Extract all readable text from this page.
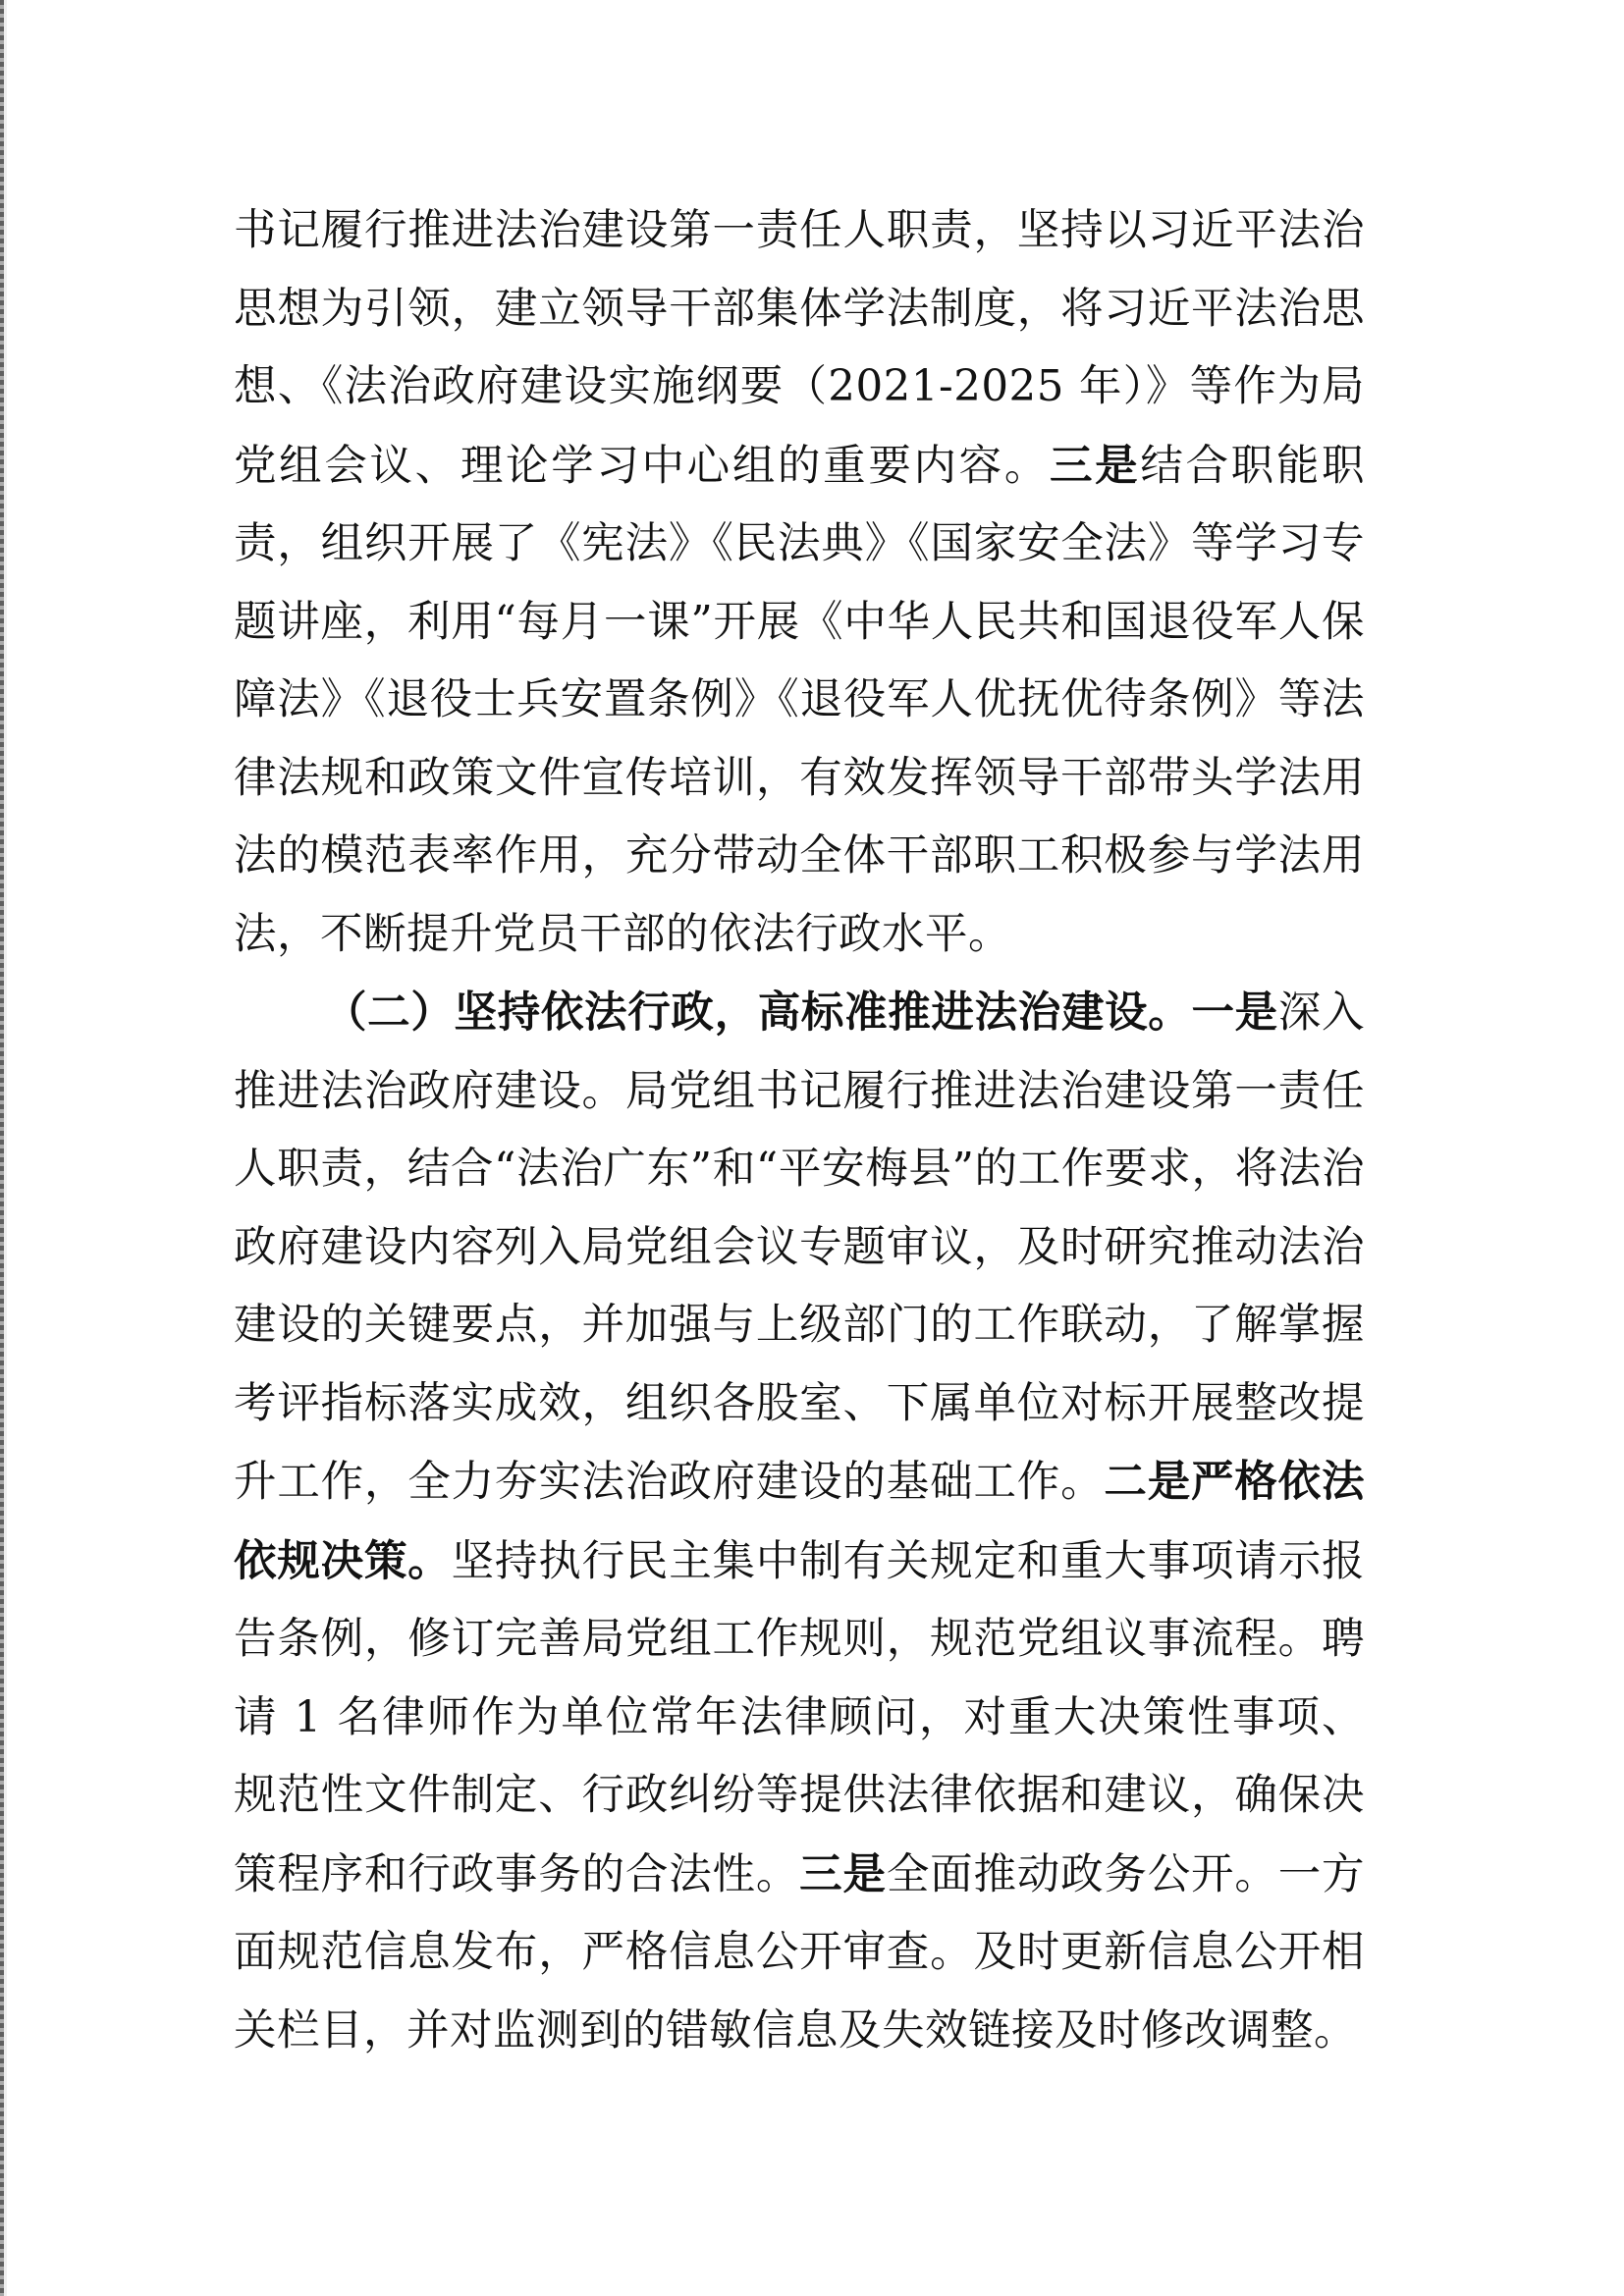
书记履行推进法治建设第一责任人职责，坚持以习近平法治思想为引领，建立领导干部集体学法制度，将习近平法治思想、《法治政府建设实施纲要（2021-2025 年）》等作为局党组会议、理论学习中心组的重要内容。三是结合职能职责，组织开展了《宪法》《民法典》《国家安全法》等学习专题讲座，利用“每月一课”开展《中华人民共和国退役军人保障法》《退役士兵安置条例》《退役军人优抚优待条例》等法律法规和政策文件宣传培训，有效发挥领导干部带头学法用法的模范表率作用，充分带动全体干部职工积极参与学法用法，不断提升党员干部的依法行政水平。

（二）坚持依法行政，高标准推进法治建设。一是深入推进法治政府建设。局党组书记履行推进法治建设第一责任人职责，结合“法治广东”和“平安梅县”的工作要求，将法治政府建设内容列入局党组会议专题审议，及时研究推动法治建设的关键要点，并加强与上级部门的工作联动，了解掌握考评指标落实成效，组织各股室、下属单位对标开展整改提升工作，全力夯实法治政府建设的基础工作。二是严格依法依规决策。坚持执行民主集中制有关规定和重大事项请示报告条例，修订完善局党组工作规则，规范党组议事流程。聘请 1 名律师作为单位常年法律顾问，对重大决策性事项、规范性文件制定、行政纠纷等提供法律依据和建议，确保决策程序和行政事务的合法性。三是全面推动政务公开。一方面规范信息发布，严格信息公开审查。及时更新信息公开相关栏目，并对监测到的错敏信息及失效链接及时修改调整。
